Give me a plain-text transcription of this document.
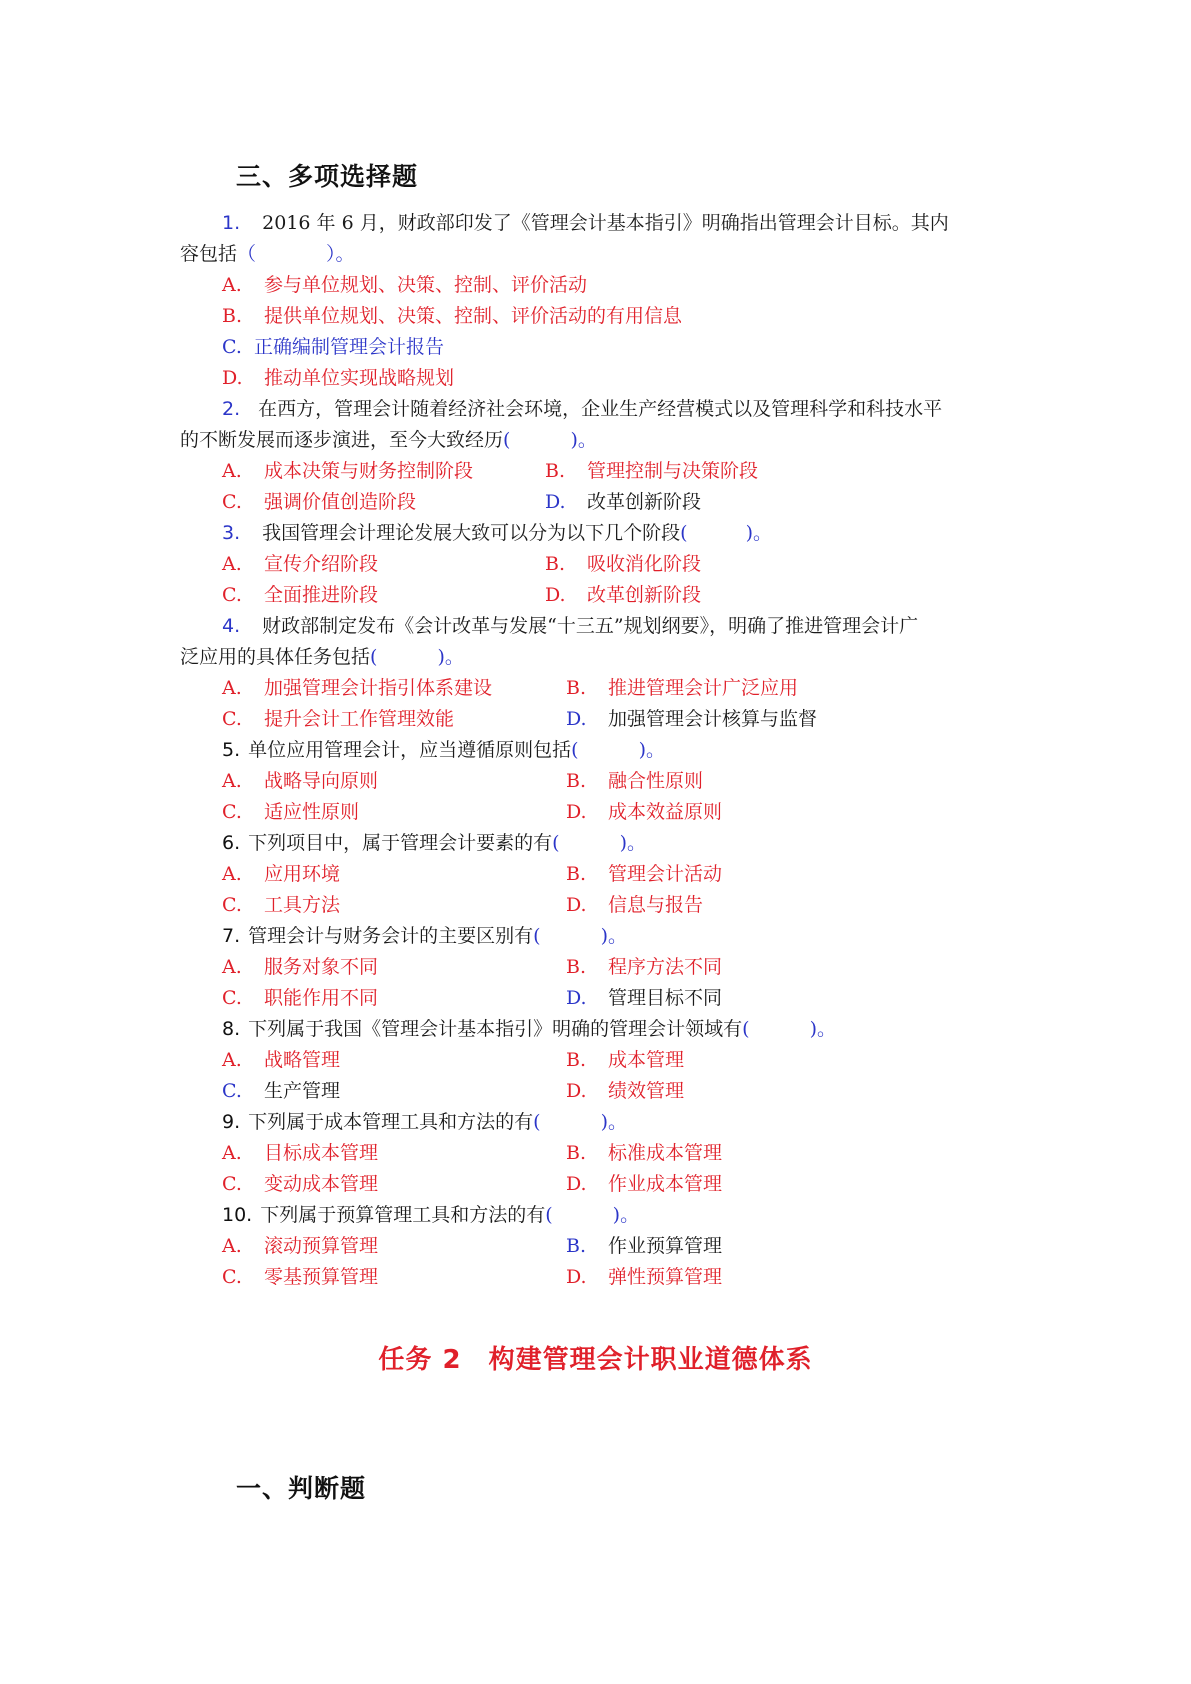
三、多项选择题
1. 2016 年 6 月，财政部印发了《管理会计基本指引》明确指出管理会计目标。其内
容包括（	）。
A. 参与单位规划、决策、控制、评价活动
B. 提供单位规划、决策、控制、评价活动的有用信息
C. 正确编制管理会计报告
D. 推动单位实现战略规划
2. 在西方，管理会计随着经济社会环境，企业生产经营模式以及管理科学和科技水平
的不断发展而逐步演进，至今大致经历(	)。
A. 成本决策与财务控制阶段	B. 管理控制与决策阶段
C. 强调价值创造阶段	D. 改革创新阶段
3. 我国管理会计理论发展大致可以分为以下几个阶段(	)。
A. 宣传介绍阶段	B. 吸收消化阶段
C. 全面推进阶段	D. 改革创新阶段
4. 财政部制定发布《会计改革与发展“十三五”规划纲要》，明确了推进管理会计广
泛应用的具体任务包括(	)。
A. 加强管理会计指引体系建设	B. 推进管理会计广泛应用
C. 提升会计工作管理效能	D. 加强管理会计核算与监督
5. 单位应用管理会计，应当遵循原则包括(	)。
A. 战略导向原则	B. 融合性原则
C. 适应性原则	D. 成本效益原则
6. 下列项目中，属于管理会计要素的有(	)。
A. 应用环境	B. 管理会计活动
C. 工具方法	D. 信息与报告
7. 管理会计与财务会计的主要区别有(	)。
A. 服务对象不同	B. 程序方法不同
C. 职能作用不同	D. 管理目标不同
8. 下列属于我国《管理会计基本指引》明确的管理会计领域有(	)。
A. 战略管理	B. 成本管理
C. 生产管理	D. 绩效管理
9. 下列属于成本管理工具和方法的有(	)。
A. 目标成本管理	B. 标准成本管理
C. 变动成本管理	D. 作业成本管理
10. 下列属于预算管理工具和方法的有(	)。
A. 滚动预算管理	B. 作业预算管理
C. 零基预算管理	D. 弹性预算管理
任务 2　构建管理会计职业道德体系
一、判断题
